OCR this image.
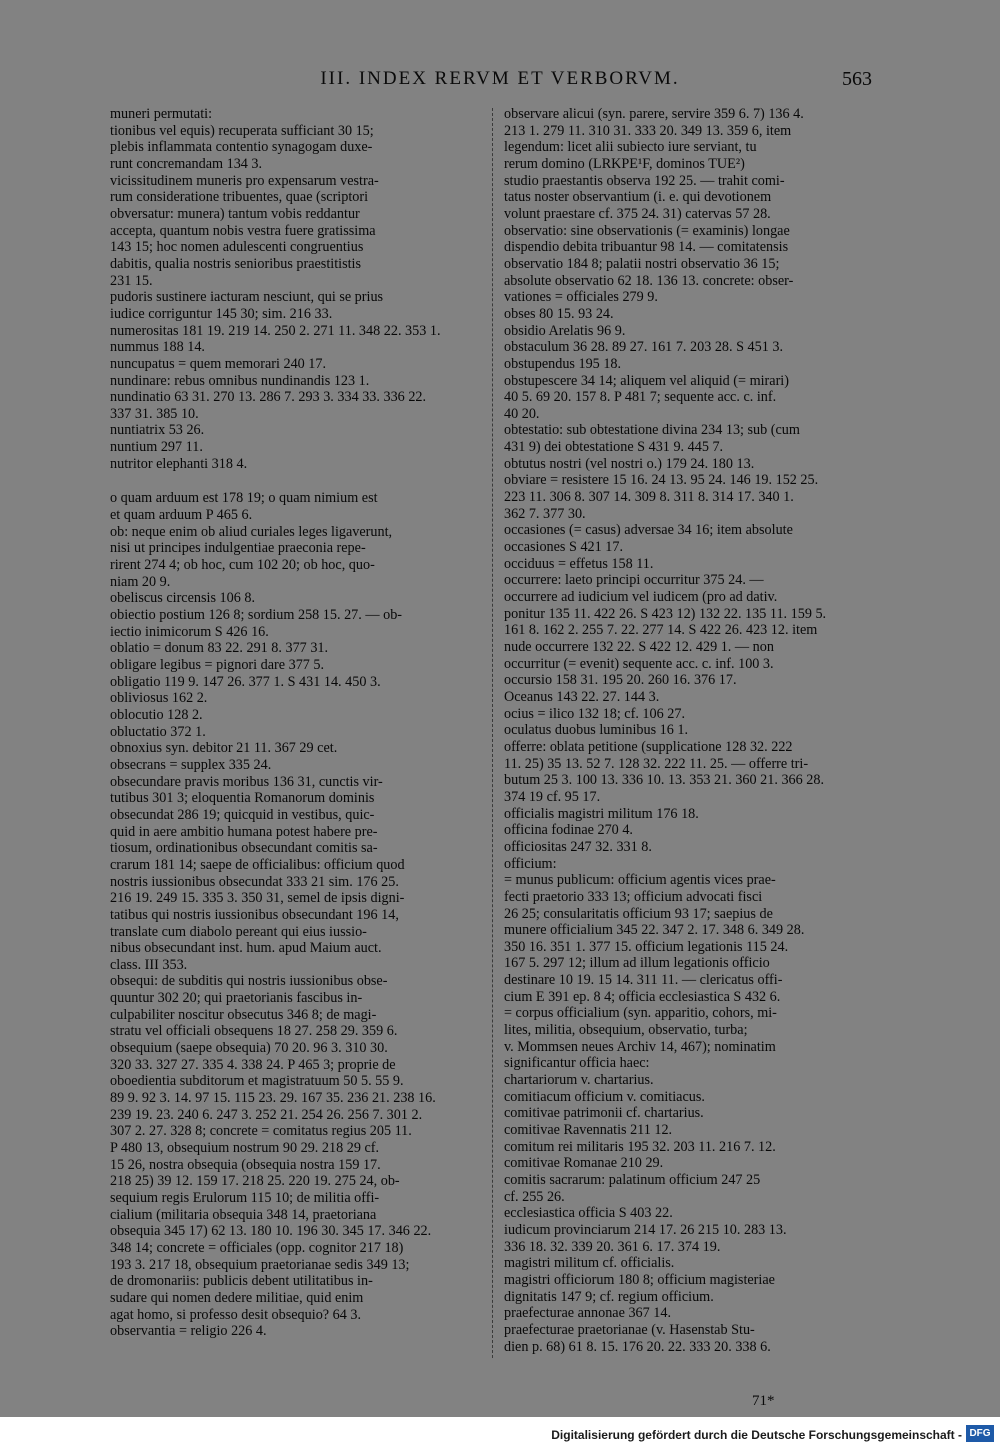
III. INDEX RERVM ET VERBORVM.	563
muneri permutati:
tionibus vel equis) recuperata sufficiant 30 15;
plebis inflammata contentio synagogam duxe-
runt concremandam 134 3.
vicissitudinem muneris pro expensarum vestra-
rum consideratione tribuentes, quae (scriptori
obversatur: munera) tantum vobis reddantur
accepta, quantum nobis vestra fuere gratissima
143 15; hoc nomen adulescenti congruentius
dabitis, qualia nostris senioribus praestitistis
231 15.
pudoris sustinere iacturam nesciunt, qui se prius
iudice corriguntur 145 30; sim. 216 33.
numerositas 181 19. 219 14. 250 2. 271 11. 348 22. 353 1.
nummus 188 14.
nuncupatus = quem memorari 240 17.
nundinare: rebus omnibus nundinandis 123 1.
nundinatio 63 31. 270 13. 286 7. 293 3. 334 33. 336 22.
337 31. 385 10.
nuntiatrix 53 26.
nuntium 297 11.
nutritor elephanti 318 4.
o quam arduum est 178 19; o quam nimium est
et quam arduum P 465 6.
ob: neque enim ob aliud curiales leges ligaverunt,
nisi ut principes indulgentiae praeconia repe-
rirent 274 4; ob hoc, cum 102 20; ob hoc, quo-
niam 20 9.
obeliscus circensis 106 8.
obiectio postium 126 8; sordium 258 15. 27. — ob-
iectio inimicorum S 426 16.
oblatio = donum 83 22. 291 8. 377 31.
obligare legibus = pignori dare 377 5.
obligatio 119 9. 147 26. 377 1. S 431 14. 450 3.
obliviosus 162 2.
oblocutio 128 2.
obluctatio 372 1.
obnoxius syn. debitor 21 11. 367 29 cet.
obsecrans = supplex 335 24.
obsecundare pravis moribus 136 31, cunctis vir-
tutibus 301 3; eloquentia Romanorum dominis
obsecundat 286 19; quicquid in vestibus, quic-
quid in aere ambitio humana potest habere pre-
tiosum, ordinationibus obsecundant comitis sa-
crarum 181 14; saepe de officialibus: officium quod
nostris iussionibus obsecundat 333 21 sim. 176 25.
216 19. 249 15. 335 3. 350 31, semel de ipsis digni-
tatibus qui nostris iussionibus obsecundant 196 14,
translate cum diabolo pereant qui eius iussio-
nibus obsecundant inst. hum. apud Maium auct.
class. III 353.
obsequi: de subditis qui nostris iussionibus obse-
quuntur 302 20; qui praetorianis fascibus in-
culpabiliter noscitur obsecutus 346 8; de magi-
stratu vel officiali obsequens 18 27. 258 29. 359 6.
obsequium (saepe obsequia) 70 20. 96 3. 310 30.
320 33. 327 27. 335 4. 338 24. P 465 3; proprie de
oboedientia subditorum et magistratuum 50 5. 55 9.
89 9. 92 3. 14. 97 15. 115 23. 29. 167 35. 236 21. 238 16.
239 19. 23. 240 6. 247 3. 252 21. 254 26. 256 7. 301 2.
307 2. 27. 328 8; concrete = comitatus regius 205 11.
P 480 13, obsequium nostrum 90 29. 218 29 cf.
15 26, nostra obsequia (obsequia nostra 159 17.
218 25) 39 12. 159 17. 218 25. 220 19. 275 24, ob-
sequium regis Erulorum 115 10; de militia offi-
cialium (militaria obsequia 348 14, praetoriana
obsequia 345 17) 62 13. 180 10. 196 30. 345 17. 346 22.
348 14; concrete = officiales (opp. cognitor 217 18)
193 3. 217 18, obsequium praetorianae sedis 349 13;
de dromonariis: publicis debent utilitatibus in-
sudare qui nomen dedere militiae, quid enim
agat homo, si professo desit obsequio? 64 3.
observantia = religio 226 4.
observare alicui (syn. parere, servire 359 6. 7) 136 4.
213 1. 279 11. 310 31. 333 20. 349 13. 359 6, item
legendum: licet alii subiecto iure serviant, tu
rerum domino (LRKPE¹F, dominos TUE²)
studio praestantis observa 192 25. — trahit comi-
tatus noster observantium (i. e. qui devotionem
volunt praestare cf. 375 24. 31) catervas 57 28.
observatio: sine observationis (= examinis) longae
dispendio debita tribuantur 98 14. — comitatensis
observatio 184 8; palatii nostri observatio 36 15;
absolute observatio 62 18. 136 13. concrete: obser-
vationes = officiales 279 9.
obses 80 15. 93 24.
obsidio Arelatis 96 9.
obstaculum 36 28. 89 27. 161 7. 203 28. S 451 3.
obstupendus 195 18.
obstupescere 34 14; aliquem vel aliquid (= mirari)
40 5. 69 20. 157 8. P 481 7; sequente acc. c. inf.
40 20.
obtestatio: sub obtestatione divina 234 13; sub (cum
431 9) dei obtestatione S 431 9. 445 7.
obtutus nostri (vel nostri o.) 179 24. 180 13.
obviare = resistere 15 16. 24 13. 95 24. 146 19. 152 25.
223 11. 306 8. 307 14. 309 8. 311 8. 314 17. 340 1.
362 7. 377 30.
occasiones (= casus) adversae 34 16; item absolute
occasiones S 421 17.
occiduus = effetus 158 11.
occurrere: laeto principi occurritur 375 24. —
occurrere ad iudicium vel iudicem (pro ad dativ.
ponitur 135 11. 422 26. S 423 12) 132 22. 135 11. 159 5.
161 8. 162 2. 255 7. 22. 277 14. S 422 26. 423 12. item
nude occurrere 132 22. S 422 12. 429 1. — non
occurritur (= evenit) sequente acc. c. inf. 100 3.
occursio 158 31. 195 20. 260 16. 376 17.
Oceanus 143 22. 27. 144 3.
ocius = ilico 132 18; cf. 106 27.
oculatus duobus luminibus 16 1.
offerre: oblata petitione (supplicatione 128 32. 222
11. 25) 35 13. 52 7. 128 32. 222 11. 25. — offerre tri-
butum 25 3. 100 13. 336 10. 13. 353 21. 360 21. 366 28.
374 19 cf. 95 17.
officialis magistri militum 176 18.
officina fodinae 270 4.
officiositas 247 32. 331 8.
officium:
= munus publicum: officium agentis vices prae-
fecti praetorio 333 13; officium advocati fisci
26 25; consularitatis officium 93 17; saepius de
munere officialium 345 22. 347 2. 17. 348 6. 349 28.
350 16. 351 1. 377 15. officium legationis 115 24.
167 5. 297 12; illum ad illum legationis officio
destinare 10 19. 15 14. 311 11. — clericatus offi-
cium E 391 ep. 8 4; officia ecclesiastica S 432 6.
= corpus officialium (syn. apparitio, cohors, mi-
lites, militia, obsequium, observatio, turba;
v. Mommsen neues Archiv 14, 467); nominatim
significantur officia haec:
chartariorum v. chartarius.
comitiacum officium v. comitiacus.
comitivae patrimonii cf. chartarius.
comitivae Ravennatis 211 12.
comitum rei militaris 195 32. 203 11. 216 7. 12.
comitivae Romanae 210 29.
comitis sacrarum: palatinum officium 247 25
cf. 255 26.
ecclesiastica officia S 403 22.
iudicum provinciarum 214 17. 26 215 10. 283 13.
336 18. 32. 339 20. 361 6. 17. 374 19.
magistri militum cf. officialis.
magistri officiorum 180 8; officium magisteriae
dignitatis 147 9; cf. regium officium.
praefecturae annonae 367 14.
praefecturae praetorianae (v. Hasenstab Stu-
dien p. 68) 61 8. 15. 176 20. 22. 333 20. 338 6.
71*
Digitalisierung gefördert durch die Deutsche Forschungsgemeinschaft - DFG
